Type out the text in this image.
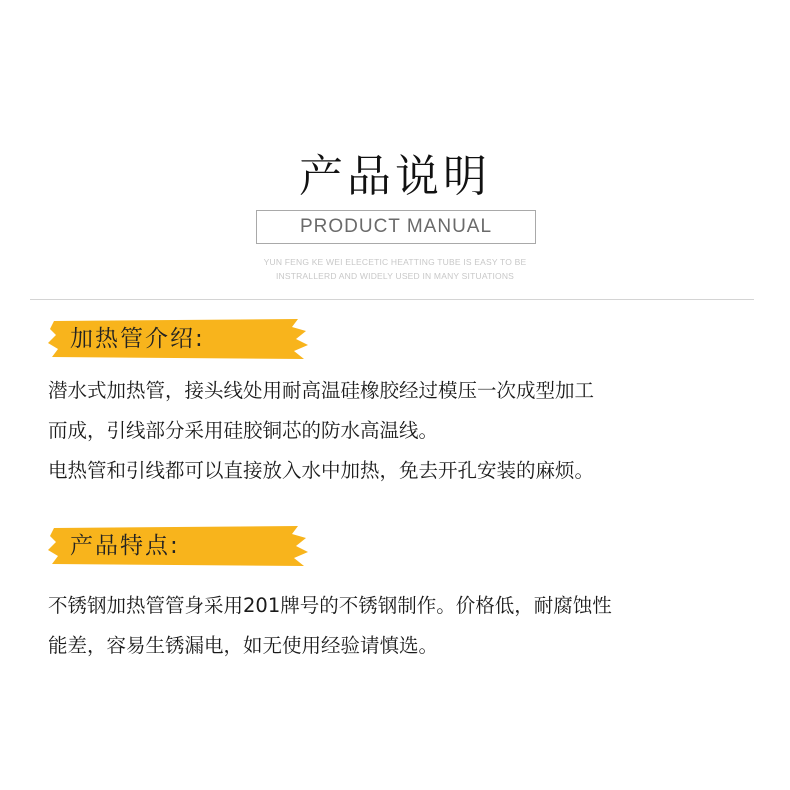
产品说明
PRODUCT MANUAL
YUN FENG KE WEI ELECETIC HEATTING TUBE IS EASY TO BE
INSTRALLERD AND WIDELY USED IN MANY SITUATIONS
加热管介绍:
潜水式加热管，接头线处用耐高温硅橡胶经过模压一次成型加工
而成，引线部分采用硅胶铜芯的防水高温线。
电热管和引线都可以直接放入水中加热，免去开孔安装的麻烦。
产品特点:
不锈钢加热管管身采用201牌号的不锈钢制作。价格低，耐腐蚀性
能差，容易生锈漏电，如无使用经验请慎选。
